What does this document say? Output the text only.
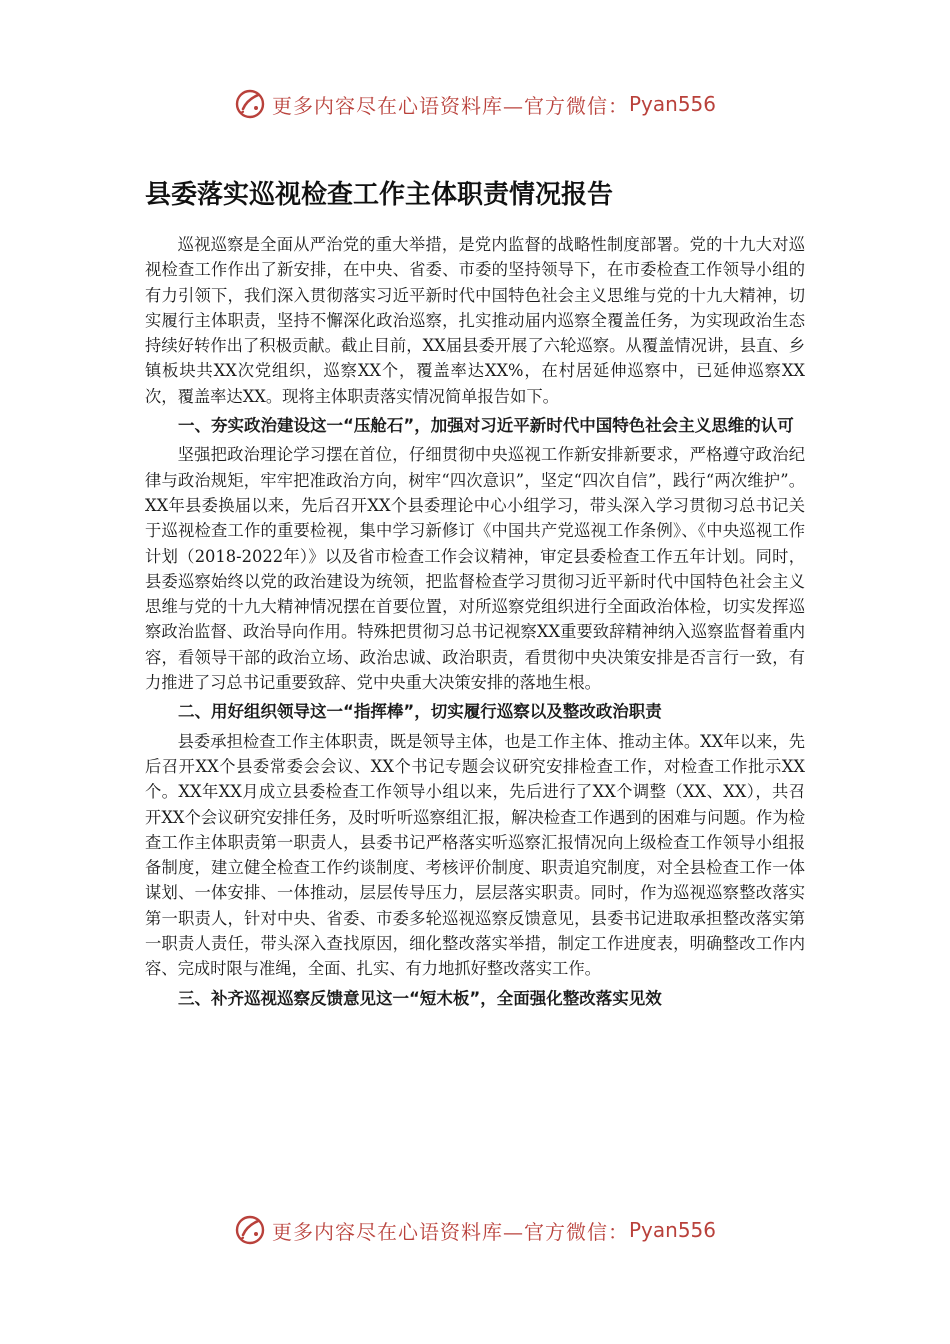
更多内容尽在心语资料库—官方微信： Pyan556
县委落实巡视检查工作主体职责情况报告

巡视巡察是全面从严治党的重大举措，是党内监督的战略性制度部署。党的十九大对巡视检查工作作出了新安排，在中央、省委、市委的坚持领导下，在市委检查工作领导小组的有力引领下，我们深入贯彻落实习近平新时代中国特色社会主义思维与党的十九大精神，切实履行主体职责，坚持不懈深化政治巡察，扎实推动届内巡察全覆盖任务，为实现政治生态持续好转作出了积极贡献。截止目前，XX届县委开展了六轮巡察。从覆盖情况讲，县直、乡镇板块共XX次党组织，巡察XX个，覆盖率达XX%，在村居延伸巡察中，已延伸巡察XX次，覆盖率达XX。现将主体职责落实情况简单报告如下。

一、夯实政治建设这一“压舱石”，加强对习近平新时代中国特色社会主义思维的认可

坚强把政治理论学习摆在首位，仔细贯彻中央巡视工作新安排新要求，严格遵守政治纪律与政治规矩，牢牢把准政治方向，树牢“四次意识”，坚定“四次自信”，践行“两次维护”。XX年县委换届以来，先后召开XX个县委理论中心小组学习，带头深入学习贯彻习总书记关于巡视检查工作的重要检视，集中学习新修订《中国共产党巡视工作条例》、《中央巡视工作计划（2018-2022年）》以及省市检查工作会议精神，审定县委检查工作五年计划。同时，县委巡察始终以党的政治建设为统领，把监督检查学习贯彻习近平新时代中国特色社会主义思维与党的十九大精神情况摆在首要位置，对所巡察党组织进行全面政治体检，切实发挥巡察政治监督、政治导向作用。特殊把贯彻习总书记视察XX重要致辞精神纳入巡察监督着重内容，看领导干部的政治立场、政治忠诚、政治职责，看贯彻中央决策安排是否言行一致，有力推进了习总书记重要致辞、党中央重大决策安排的落地生根。

二、用好组织领导这一“指挥棒”，切实履行巡察以及整改政治职责

县委承担检查工作主体职责，既是领导主体，也是工作主体、推动主体。XX年以来，先后召开XX个县委常委会会议、XX个书记专题会议研究安排检查工作，对检查工作批示XX个。XX年XX月成立县委检查工作领导小组以来，先后进行了XX个调整（XX、XX），共召开XX个会议研究安排任务，及时听听巡察组汇报，解决检查工作遇到的困难与问题。作为检查工作主体职责第一职责人，县委书记严格落实听巡察汇报情况向上级检查工作领导小组报备制度，建立健全检查工作约谈制度、考核评价制度、职责追究制度，对全县检查工作一体谋划、一体安排、一体推动，层层传导压力，层层落实职责。同时，作为巡视巡察整改落实第一职责人，针对中央、省委、市委多轮巡视巡察反馈意见，县委书记进取承担整改落实第一职责人责任，带头深入查找原因，细化整改落实举措，制定工作进度表，明确整改工作内容、完成时限与准绳，全面、扎实、有力地抓好整改落实工作。

三、补齐巡视巡察反馈意见这一“短木板”，全面强化整改落实见效

更多内容尽在心语资料库—官方微信： Pyan556
